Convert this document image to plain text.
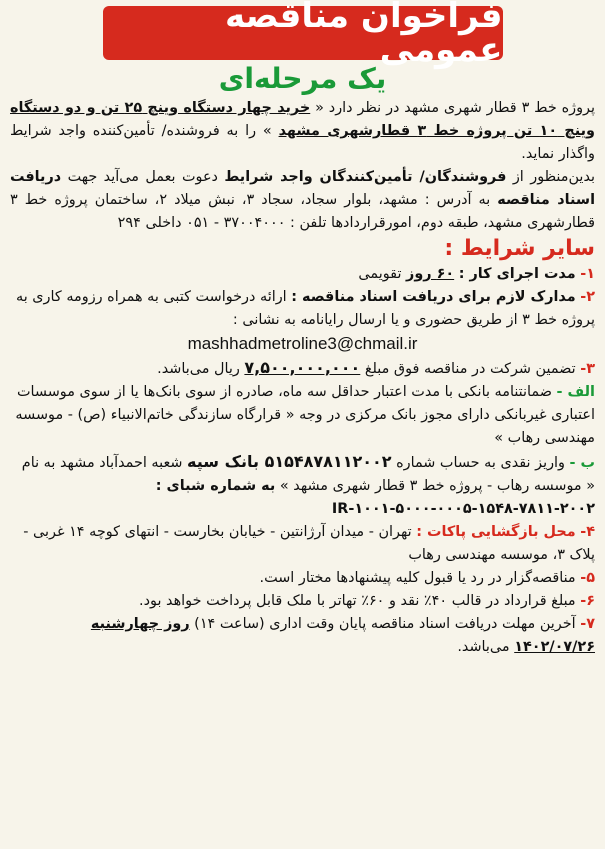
فراخوان مناقصه عمومی
یک مرحله‌ای
پروژه خط ۳ قطار شهری مشهد در نظر دارد « خرید چهار دستگاه وینچ ۲۵ تن و دو دستگاه وینچ ۱۰ تن پروژه خط ۳ قطارشهری مشهد » را به فروشنده/ تأمین‌کننده واجد شرایط واگذار نماید.
بدین‌منظور از فروشندگان/ تأمین‌کنندگان واجد شرایط دعوت بعمل می‌آید جهت دریافت اسناد مناقصه به آدرس : مشهد، بلوار سجاد، سجاد ۳، نبش میلاد ۲، ساختمان پروژه خط ۳ قطارشهری مشهد، طبقه دوم، امورقراردادها تلفن : ۳۷۰۰۴۰۰۰ - ۰۵۱ داخلی ۲۹۴
سایر شرایط :
۱- مدت اجرای کار : ۶۰ روز تقویمی
۲- مدارک لازم برای دریافت اسناد مناقصه : ارائه درخواست کتبی به همراه رزومه کاری به پروژه خط ۳ از طریق حضوری و یا ارسال رایانامه به نشانی :
mashhadmetroline3@chmail.ir
۳- تضمین شرکت در مناقصه فوق مبلغ ۷,۵۰۰,۰۰۰,۰۰۰ ریال می‌باشد.
الف - ضمانتنامه بانکی با مدت اعتبار حداقل سه ماه، صادره از سوی بانک‌ها یا از سوی موسسات اعتباری غیربانکی دارای مجوز بانک مرکزی در وجه « قرارگاه سازندگی خاتم‌الانبیاء (ص) - موسسه مهندسی رهاب »
ب - واریز نقدی به حساب شماره ۵۱۵۴۸۷۸۱۱۲۰۰۲ بانک سپه شعبه احمدآباد مشهد به نام « موسسه رهاب - پروژه خط ۳ قطار شهری مشهد » به شماره شبای : IR-۱۰۰۱-۵۰۰۰-۰۰۰۵-۱۵۴۸-۷۸۱۱-۲۰۰۲
۴- محل بازگشایی پاکات : تهران - میدان آرژانتین - خیابان بخارست - انتهای کوچه ۱۴ غربی - پلاک ۳، موسسه مهندسی رهاب
۵- مناقصه‌گزار در رد یا قبول کلیه پیشنهادها مختار است.
۶- مبلغ قرارداد در قالب ۴۰٪ نقد و ۶۰٪ تهاتر با ملک قابل پرداخت خواهد بود.
۷- آخرین مهلت دریافت اسناد مناقصه پایان وقت اداری (ساعت ۱۴) روز چهارشنبه ۱۴۰۲/۰۷/۲۶ می‌باشد.
